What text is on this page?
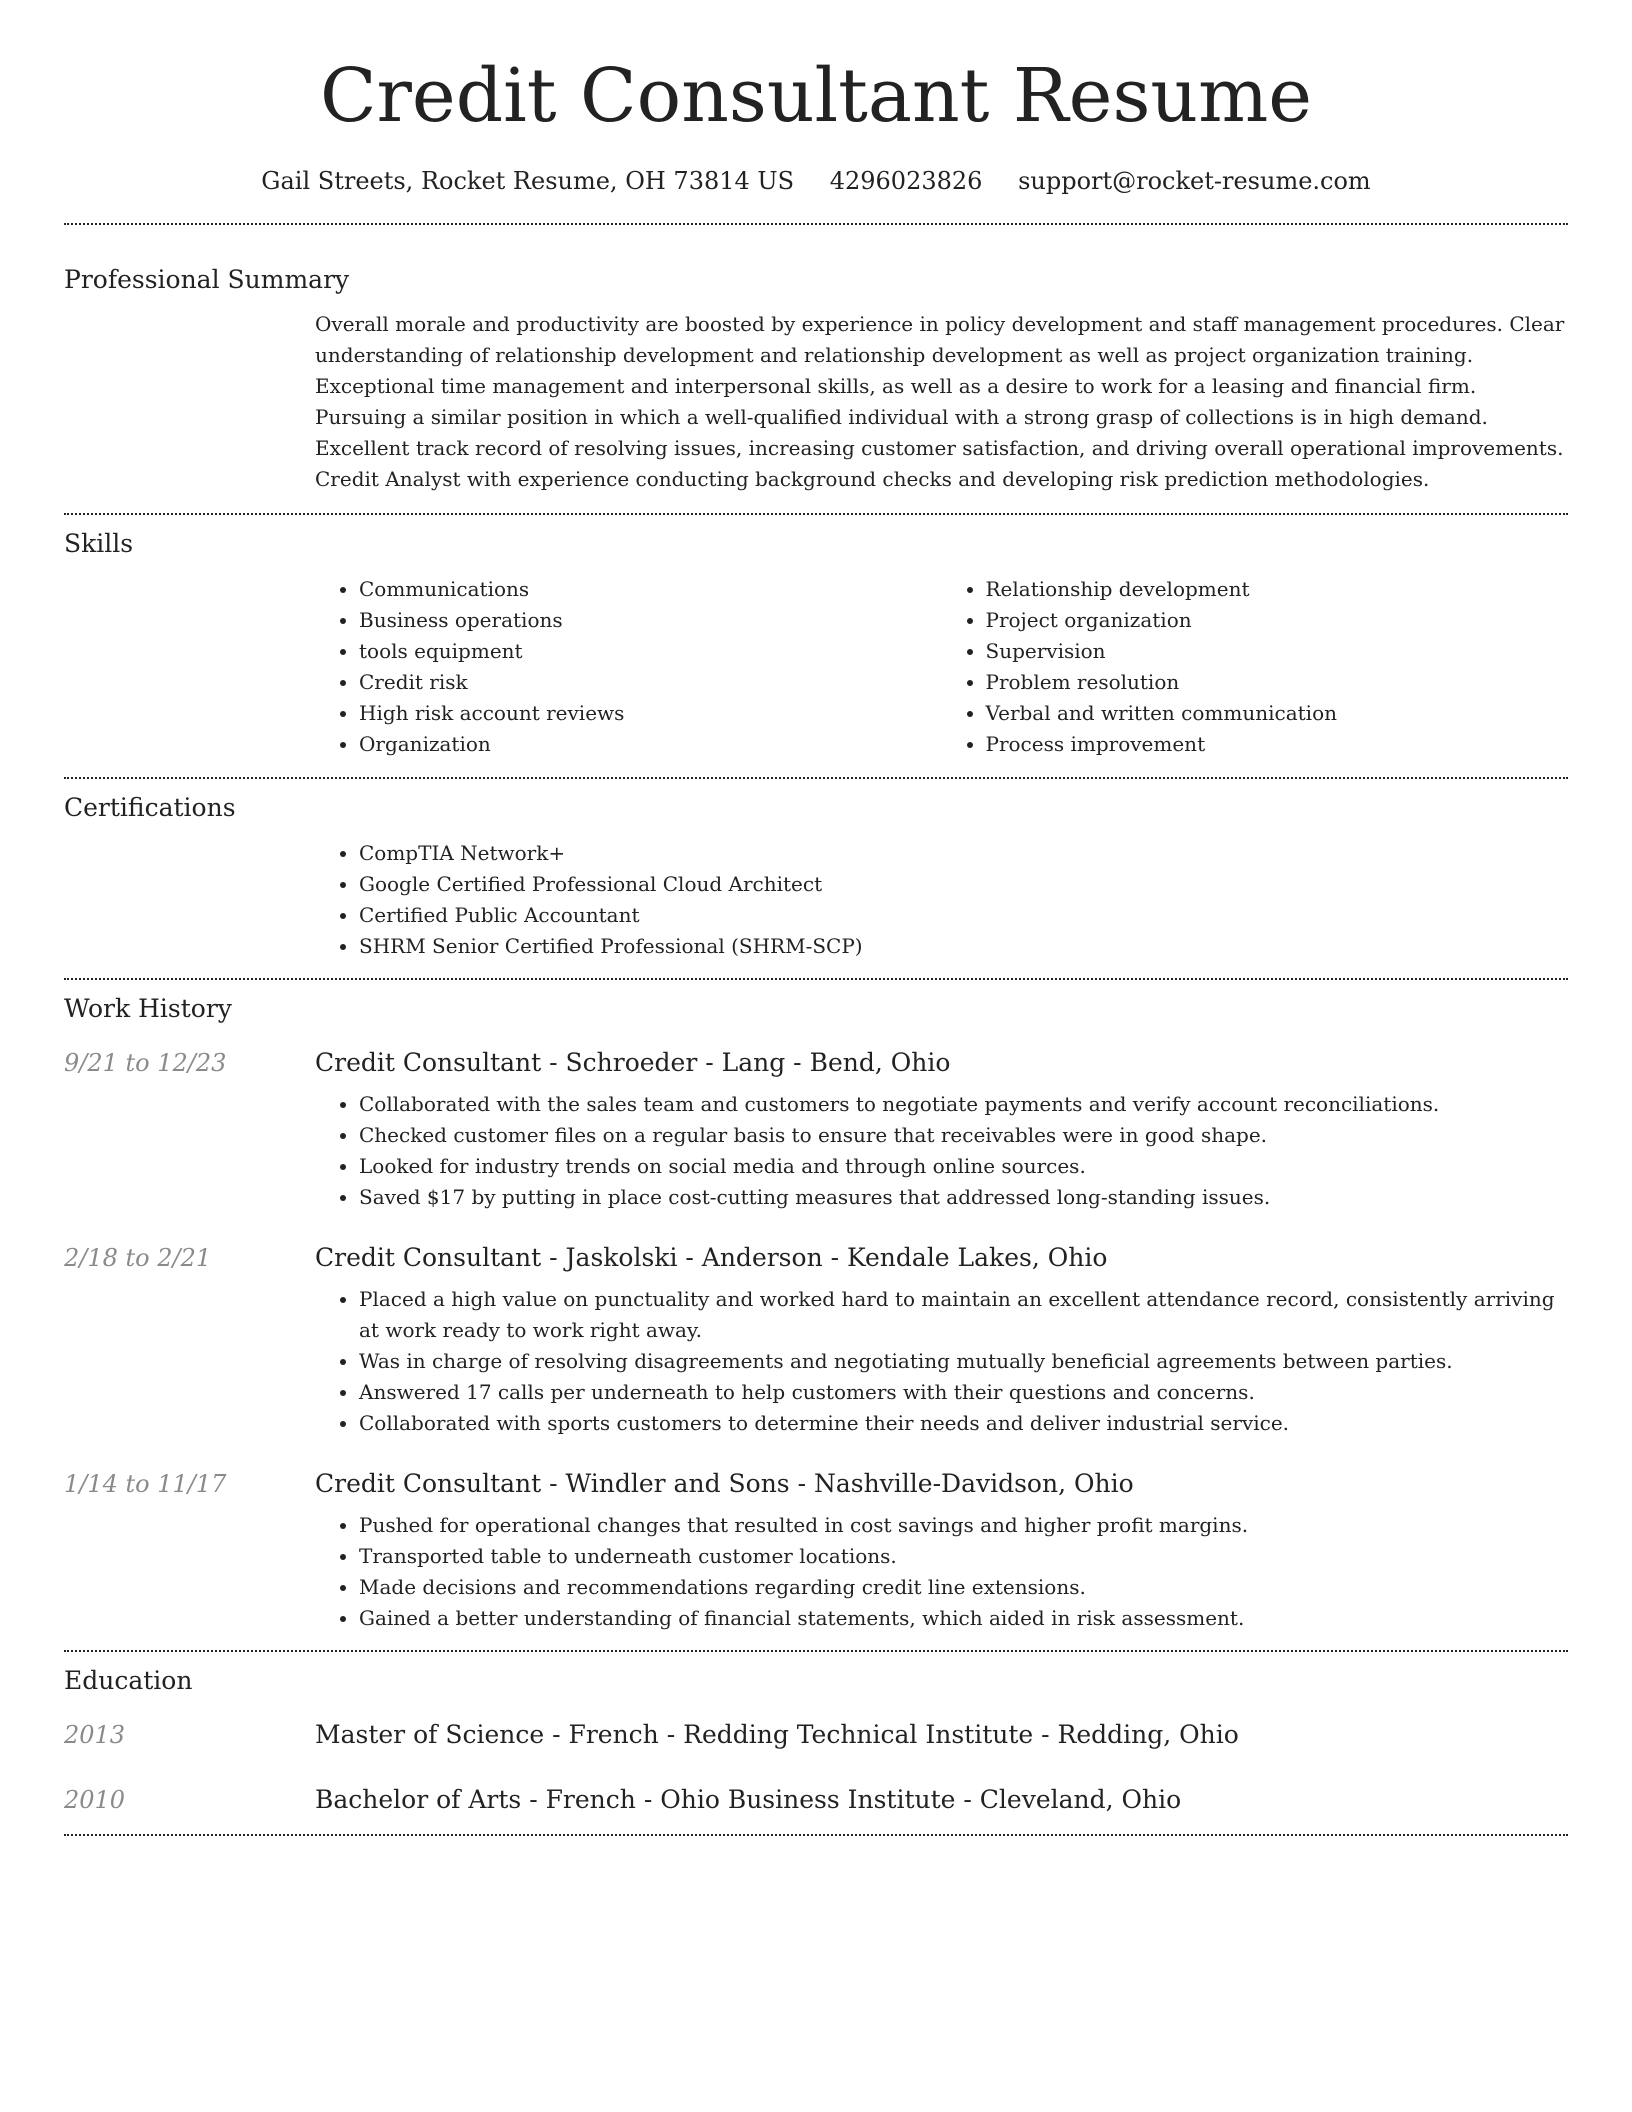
Credit Consultant Resume
Gail Streets, Rocket Resume, OH 73814 US 4296023826 support@rocket-resume.com
Professional Summary
Overall morale and productivity are boosted by experience in policy development and staff management procedures. Clear understanding of relationship development and relationship development as well as project organization training. Exceptional time management and interpersonal skills, as well as a desire to work for a leasing and financial firm. Pursuing a similar position in which a well-qualified individual with a strong grasp of collections is in high demand. Excellent track record of resolving issues, increasing customer satisfaction, and driving overall operational improvements. Credit Analyst with experience conducting background checks and developing risk prediction methodologies.
Skills
• Communications
• Business operations
• tools equipment
• Credit risk
• High risk account reviews
• Organization
• Relationship development
• Project organization
• Supervision
• Problem resolution
• Verbal and written communication
• Process improvement
Certifications
• CompTIA Network+
• Google Certified Professional Cloud Architect
• Certified Public Accountant
• SHRM Senior Certified Professional (SHRM-SCP)
Work History
9/21 to 12/23	Credit Consultant - Schroeder - Lang - Bend, Ohio
• Collaborated with the sales team and customers to negotiate payments and verify account reconciliations.
• Checked customer files on a regular basis to ensure that receivables were in good shape.
• Looked for industry trends on social media and through online sources.
• Saved $17 by putting in place cost-cutting measures that addressed long-standing issues.
2/18 to 2/21	Credit Consultant - Jaskolski - Anderson - Kendale Lakes, Ohio
• Placed a high value on punctuality and worked hard to maintain an excellent attendance record, consistently arriving at work ready to work right away.
• Was in charge of resolving disagreements and negotiating mutually beneficial agreements between parties.
• Answered 17 calls per underneath to help customers with their questions and concerns.
• Collaborated with sports customers to determine their needs and deliver industrial service.
1/14 to 11/17	Credit Consultant - Windler and Sons - Nashville-Davidson, Ohio
• Pushed for operational changes that resulted in cost savings and higher profit margins.
• Transported table to underneath customer locations.
• Made decisions and recommendations regarding credit line extensions.
• Gained a better understanding of financial statements, which aided in risk assessment.
Education
2013	Master of Science - French - Redding Technical Institute - Redding, Ohio
2010	Bachelor of Arts - French - Ohio Business Institute - Cleveland, Ohio
